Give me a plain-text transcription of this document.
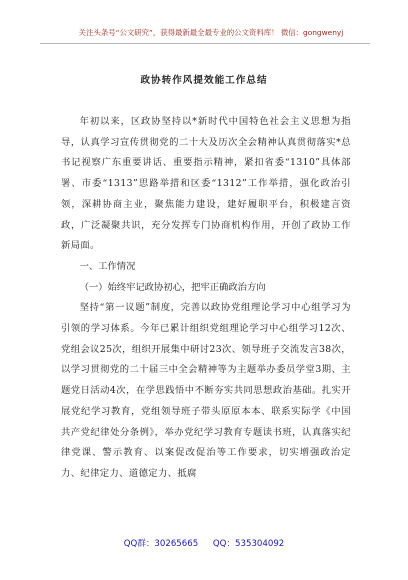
关注头条号“公文研究”，获得最新最全最专业的公文资料库！ 微信：gongwenyj
政协转作风提效能工作总结

年初以来，区政协坚持以*新时代中国特色社会主义思想为指导，认真学习宣传贯彻党的二十大及历次全会精神认真贯彻落实*总书记视察广东重要讲话、重要指示精神，紧扣省委“1310”具体部署、市委“1313”思路举措和区委“1312”工作举措，强化政治引领，深耕协商主业，聚焦能力建设，建好履职平台，积极建言资政，广泛凝聚共识，充分发挥专门协商机构作用，开创了政协工作新局面。

一、工作情况

（一）始终牢记政协初心，把牢正确政治方向

坚持“第一议题”制度，完善以政协党组理论学习中心组学习为引领的学习体系。今年已累计组织党组理论学习中心组学习12次、党组会议25次，组织开展集中研讨23次、领导班子交流发言38次，以学习贯彻党的二十届三中全会精神等为主题举办委员学堂3期、主题党日活动4次，在学思践悟中不断夯实共同思想政治基础。扎实开展党纪学习教育，党组领导班子带头原原本本、联系实际学《中国共产党纪律处分条例》，举办党纪学习教育专题读书班，认真落实纪律党课、警示教育、以案促改促治等工作要求，切实增强政治定力、纪律定力、道德定力、抵腐

QQ群：30265665 QQ：535304092
